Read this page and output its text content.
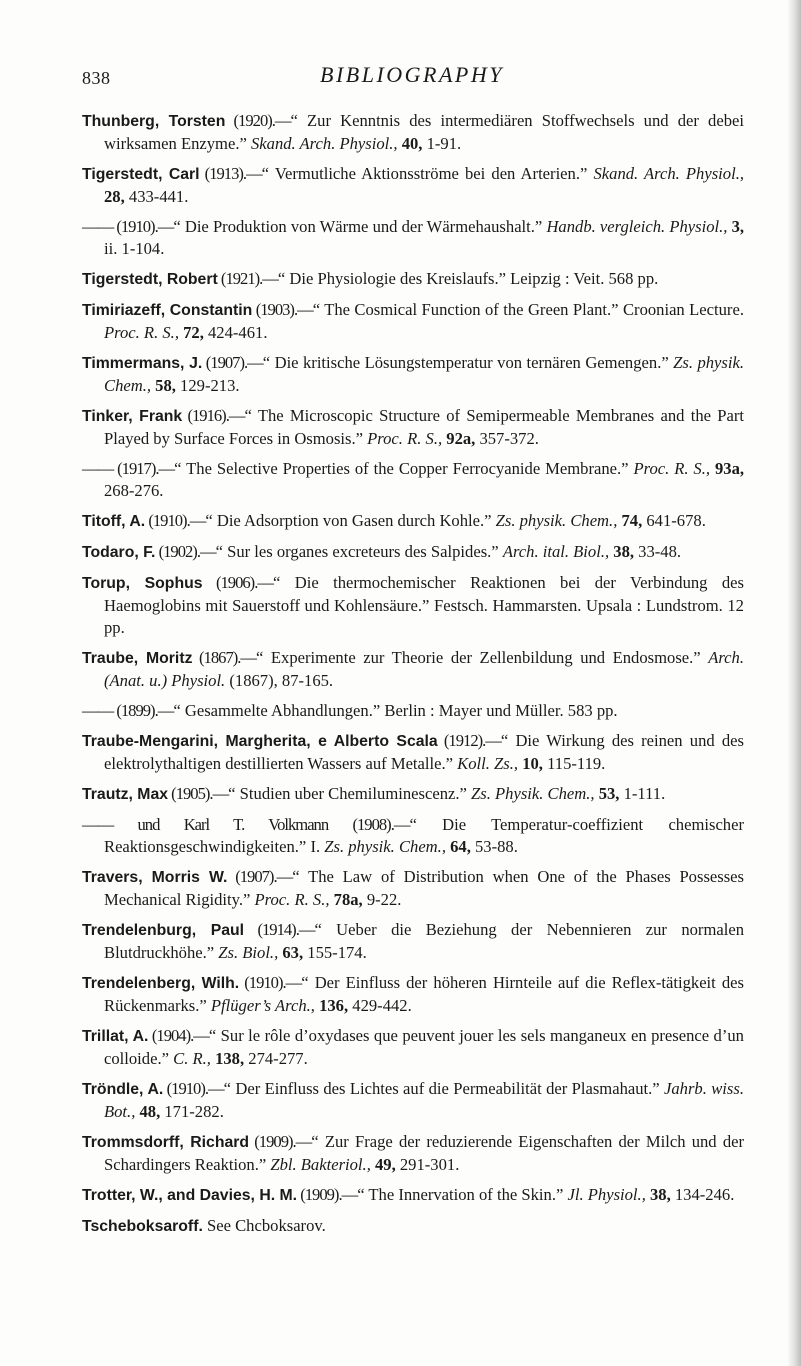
838	BIBLIOGRAPHY

Thunberg, Torsten (1920).—“ Zur Kenntnis des intermediären Stoffwechsels und der debei wirksamen Enzyme.” Skand. Arch. Physiol., 40, 1-91.

Tigerstedt, Carl (1913).—“ Vermutliche Aktionsströme bei den Arterien.” Skand. Arch. Physiol., 28, 433-441.

—— (1910).—“ Die Produktion von Wärme und der Wärmehaushalt.” Handb. vergleich. Physiol., 3, ii. 1-104.

Tigerstedt, Robert (1921).—“ Die Physiologie des Kreislaufs.” Leipzig : Veit. 568 pp.

Timiriazeff, Constantin (1903).—“ The Cosmical Function of the Green Plant.” Croonian Lecture. Proc. R. S., 72, 424-461.

Timmermans, J. (1907).—“ Die kritische Lösungstemperatur von ternären Gemengen.” Zs. physik. Chem., 58, 129-213.

Tinker, Frank (1916).—“ The Microscopic Structure of Semipermeable Membranes and the Part Played by Surface Forces in Osmosis.” Proc. R. S., 92a, 357-372.

—— (1917).—“ The Selective Properties of the Copper Ferrocyanide Membrane.” Proc. R. S., 93a, 268-276.

Titoff, A. (1910).—“ Die Adsorption von Gasen durch Kohle.” Zs. physik. Chem., 74, 641-678.

Todaro, F. (1902).—“ Sur les organes excreteurs des Salpides.” Arch. ital. Biol., 38, 33-48.

Torup, Sophus (1906).—“ Die thermochemischer Reaktionen bei der Verbindung des Haemoglobins mit Sauerstoff und Kohlensäure.” Festsch. Hammarsten. Upsala : Lundstrom. 12 pp.

Traube, Moritz (1867).—“ Experimente zur Theorie der Zellenbildung und Endosmose.” Arch. (Anat. u.) Physiol. (1867), 87-165.

—— (1899).—“ Gesammelte Abhandlungen.” Berlin : Mayer und Müller. 583 pp.

Traube-Mengarini, Margherita, e Alberto Scala (1912).—“ Die Wirkung des reinen und des elektrolythaltigen destillierten Wassers auf Metalle.” Koll. Zs., 10, 115-119.

Trautz, Max (1905).—“ Studien uber Chemiluminescenz.” Zs. Physik. Chem., 53, 1-111.

—— und Karl T. Volkmann (1908).—“ Die Temperatur-coeffizient chemischer Reaktionsgeschwindigkeiten.” I. Zs. physik. Chem., 64, 53-88.

Travers, Morris W. (1907).—“ The Law of Distribution when One of the Phases Possesses Mechanical Rigidity.” Proc. R. S., 78a, 9-22.

Trendelenburg, Paul (1914).—“ Ueber die Beziehung der Nebennieren zur normalen Blutdruckhöhe.” Zs. Biol., 63, 155-174.

Trendelenberg, Wilh. (1910).—“ Der Einfluss der höheren Hirnteile auf die Reflex-tätigkeit des Rückenmarks.” Pflüger’s Arch., 136, 429-442.

Trillat, A. (1904).—“ Sur le rôle d’oxydases que peuvent jouer les sels manganeux en presence d’un colloide.” C. R., 138, 274-277.

Tröndle, A. (1910).—“ Der Einfluss des Lichtes auf die Permeabilität der Plasmahaut.” Jahrb. wiss. Bot., 48, 171-282.

Trommsdorff, Richard (1909).—“ Zur Frage der reduzierende Eigenschaften der Milch und der Schardingers Reaktion.” Zbl. Bakteriol., 49, 291-301.

Trotter, W., and Davies, H. M. (1909).—“ The Innervation of the Skin.” Jl. Physiol., 38, 134-246.

Tscheboksaroff. See Chcboksarov.
